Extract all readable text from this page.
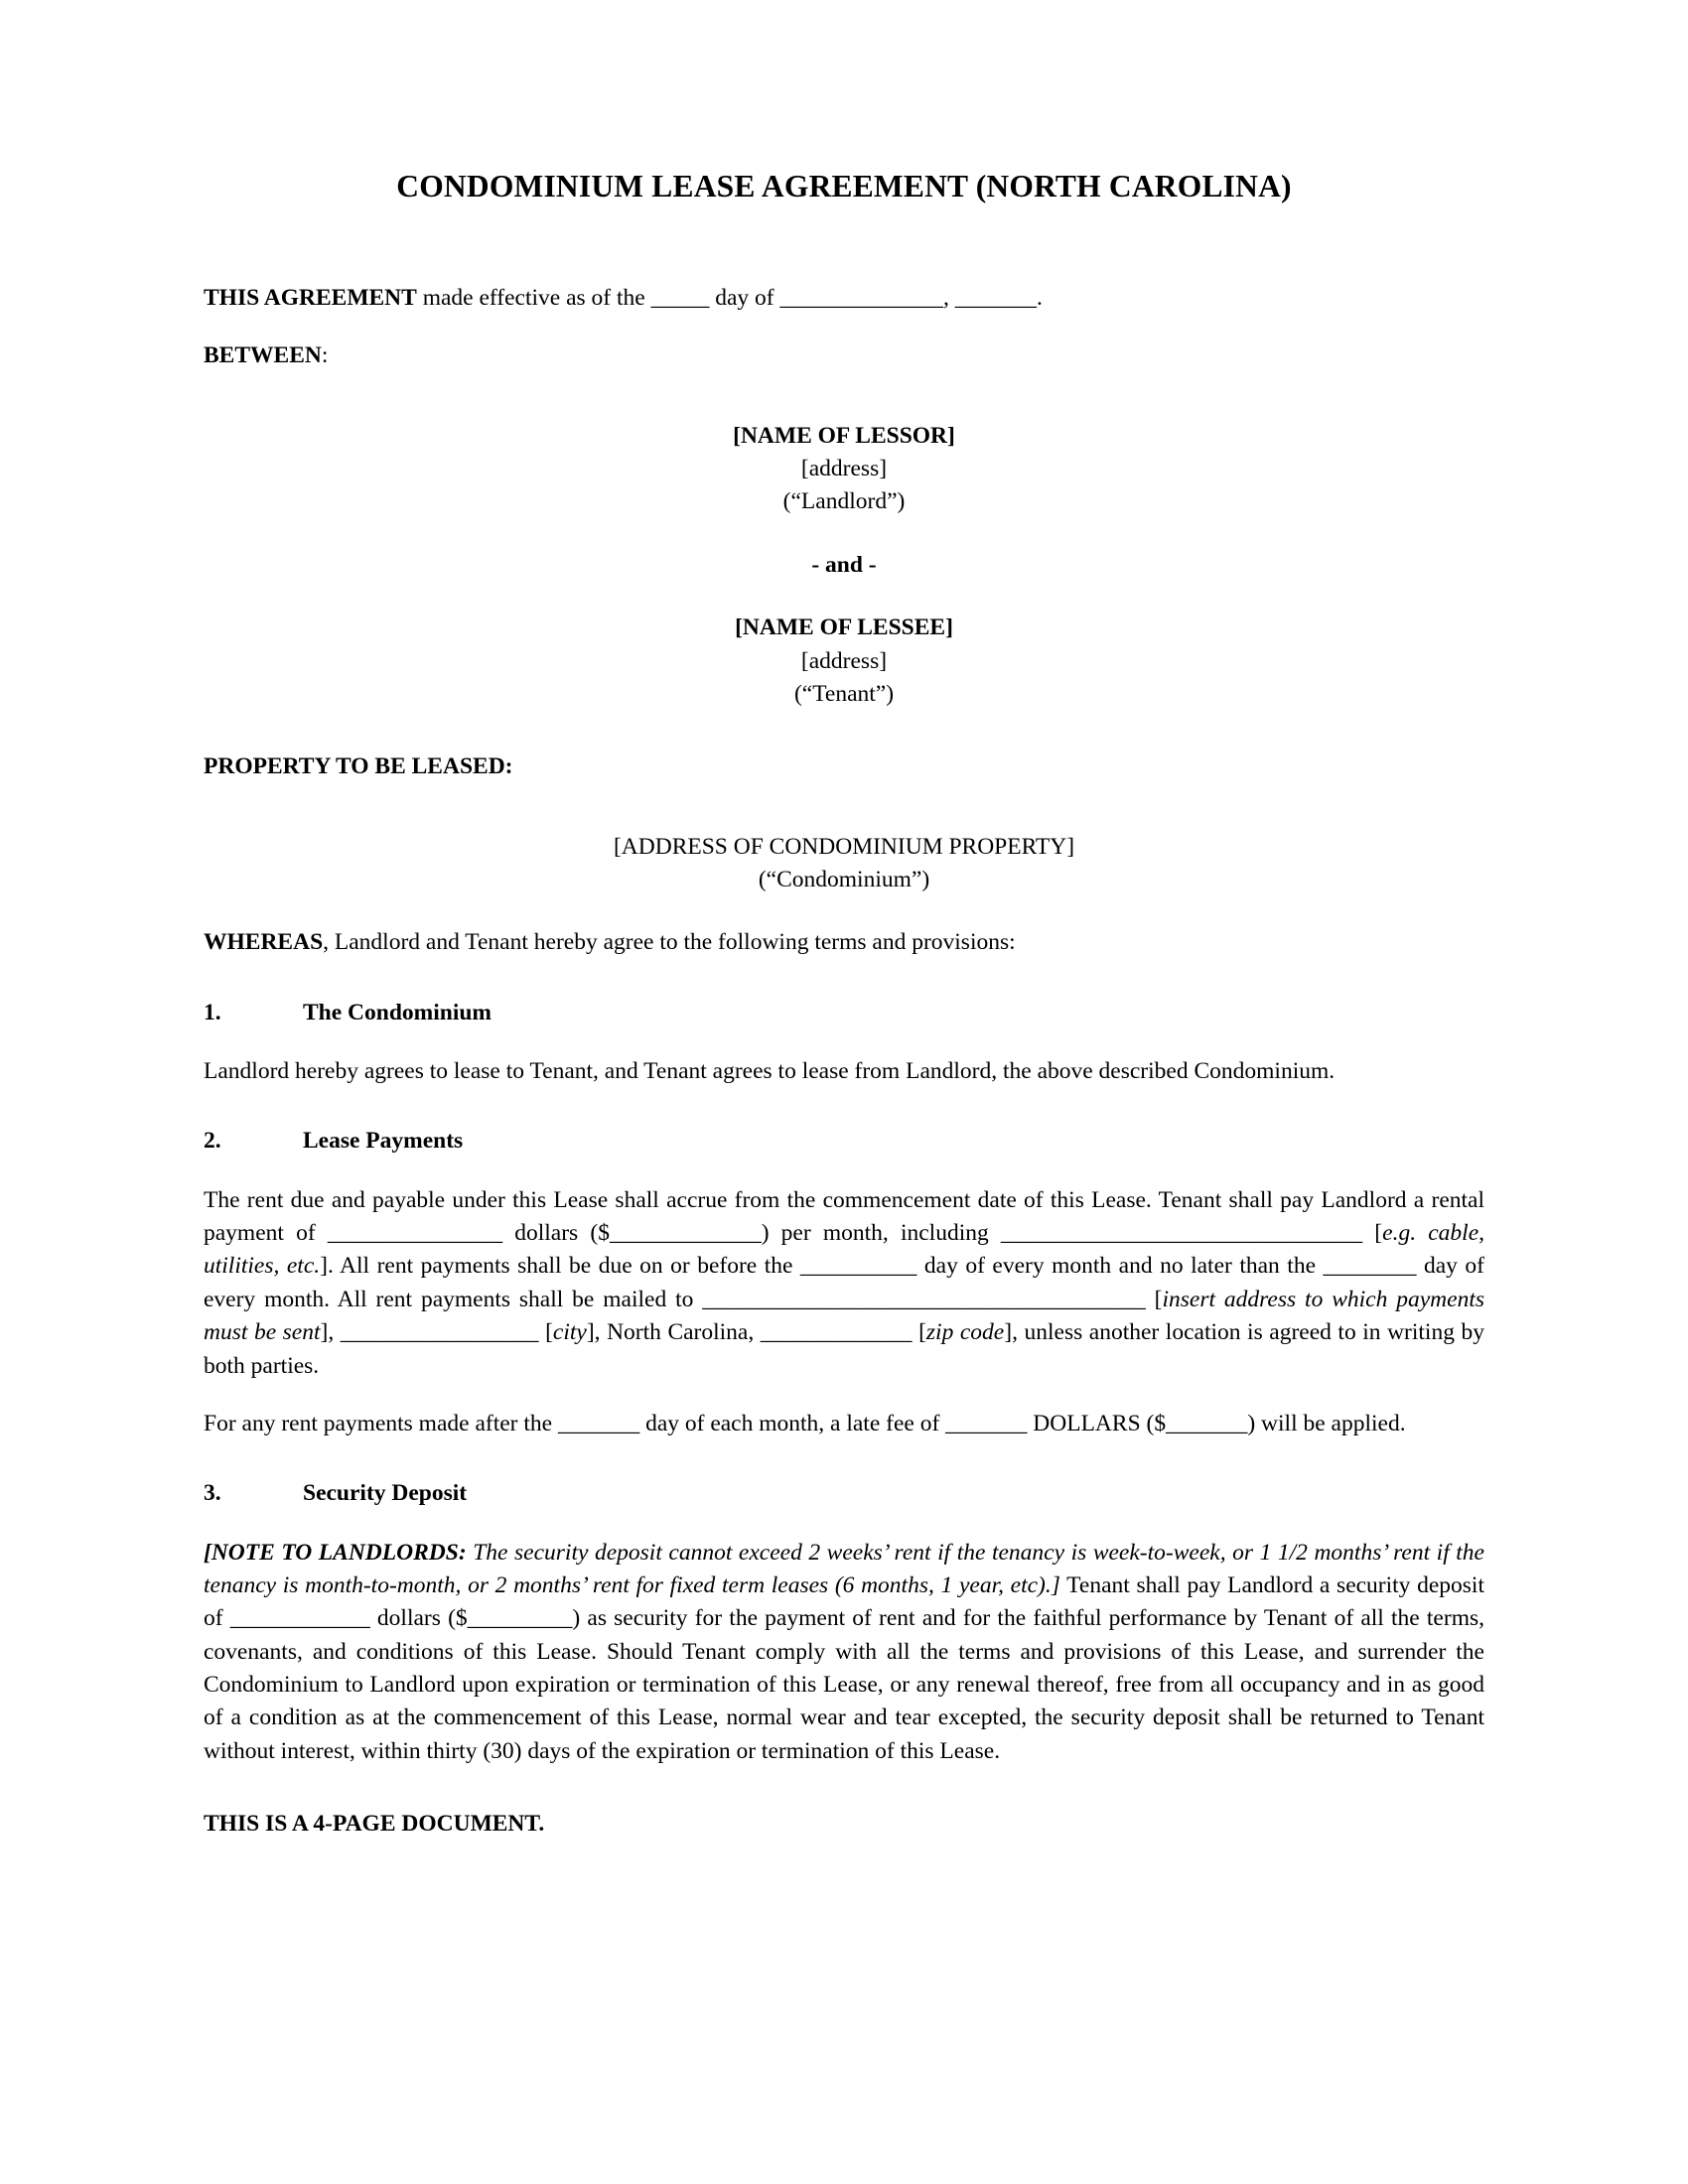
CONDOMINIUM LEASE AGREEMENT (NORTH CAROLINA)

THIS AGREEMENT made effective as of the _____ day of ______________, _______.

BETWEEN:

[NAME OF LESSOR]

[address]

(“Landlord”)

- and -

[NAME OF LESSEE]

[address]

(“Tenant”)

PROPERTY TO BE LEASED:

[ADDRESS OF CONDOMINIUM PROPERTY]

(“Condominium”)

WHEREAS, Landlord and Tenant hereby agree to the following terms and provisions:

1.	The Condominium

Landlord hereby agrees to lease to Tenant, and Tenant agrees to lease from Landlord, the above described Condominium.

2.	Lease Payments

The rent due and payable under this Lease shall accrue from the commencement date of this Lease. Tenant shall pay Landlord a rental payment of _______________ dollars ($_____________) per month, including _______________________________ [e.g. cable, utilities, etc.]. All rent payments shall be due on or before the __________ day of every month and no later than the ________ day of every month. All rent payments shall be mailed to ______________________________________ [insert address to which payments must be sent], _________________ [city], North Carolina, _____________ [zip code], unless another location is agreed to in writing by both parties.

For any rent payments made after the _______ day of each month, a late fee of _______ DOLLARS ($_______) will be applied.

3.	Security Deposit

[NOTE TO LANDLORDS: The security deposit cannot exceed 2 weeks’ rent if the tenancy is week-to-week, or 1 1/2 months’ rent if the tenancy is month-to-month, or 2 months’ rent for fixed term leases (6 months, 1 year, etc).] Tenant shall pay Landlord a security deposit of ____________ dollars ($_________) as security for the payment of rent and for the faithful performance by Tenant of all the terms, covenants, and conditions of this Lease. Should Tenant comply with all the terms and provisions of this Lease, and surrender the Condominium to Landlord upon expiration or termination of this Lease, or any renewal thereof, free from all occupancy and in as good of a condition as at the commencement of this Lease, normal wear and tear excepted, the security deposit shall be returned to Tenant without interest, within thirty (30) days of the expiration or termination of this Lease.

THIS IS A 4-PAGE DOCUMENT.
